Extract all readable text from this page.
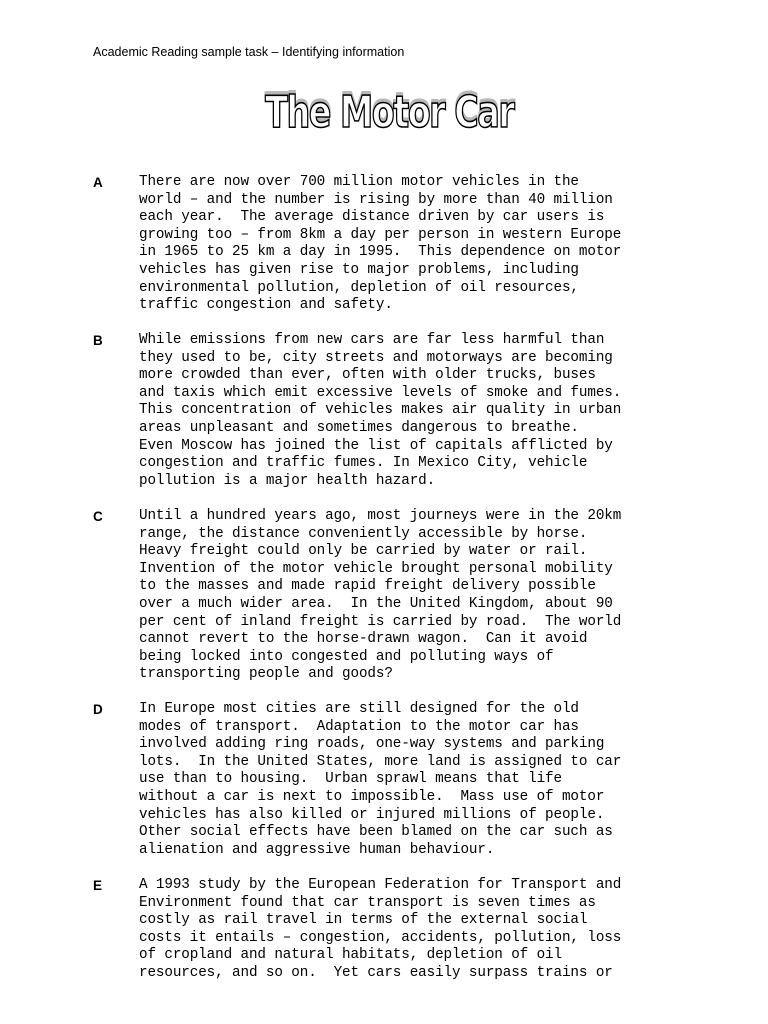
Academic Reading sample task – Identifying information
The Motor Car
A	There are now over 700 million motor vehicles in the
world – and the number is rising by more than 40 million
each year.  The average distance driven by car users is
growing too – from 8km a day per person in western Europe
in 1965 to 25 km a day in 1995.  This dependence on motor
vehicles has given rise to major problems, including
environmental pollution, depletion of oil resources,
traffic congestion and safety.

B	While emissions from new cars are far less harmful than
they used to be, city streets and motorways are becoming
more crowded than ever, often with older trucks, buses
and taxis which emit excessive levels of smoke and fumes.
This concentration of vehicles makes air quality in urban
areas unpleasant and sometimes dangerous to breathe.
Even Moscow has joined the list of capitals afflicted by
congestion and traffic fumes. In Mexico City, vehicle
pollution is a major health hazard.

C	Until a hundred years ago, most journeys were in the 20km
range, the distance conveniently accessible by horse.
Heavy freight could only be carried by water or rail.
Invention of the motor vehicle brought personal mobility
to the masses and made rapid freight delivery possible
over a much wider area.  In the United Kingdom, about 90
per cent of inland freight is carried by road.  The world
cannot revert to the horse-drawn wagon.  Can it avoid
being locked into congested and polluting ways of
transporting people and goods?

D	In Europe most cities are still designed for the old
modes of transport.  Adaptation to the motor car has
involved adding ring roads, one-way systems and parking
lots.  In the United States, more land is assigned to car
use than to housing.  Urban sprawl means that life
without a car is next to impossible.  Mass use of motor
vehicles has also killed or injured millions of people.
Other social effects have been blamed on the car such as
alienation and aggressive human behaviour.

E	A 1993 study by the European Federation for Transport and
Environment found that car transport is seven times as
costly as rail travel in terms of the external social
costs it entails – congestion, accidents, pollution, loss
of cropland and natural habitats, depletion of oil
resources, and so on.  Yet cars easily surpass trains or
